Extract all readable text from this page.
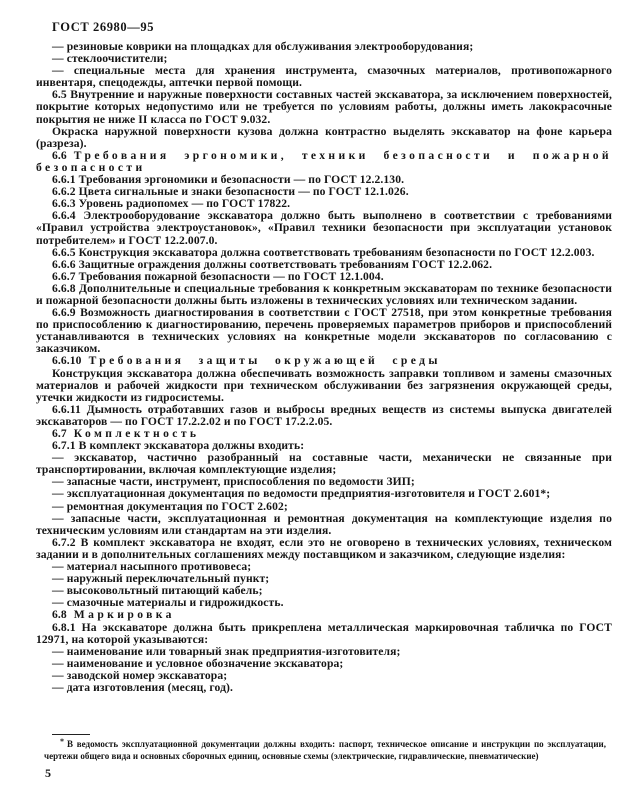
ГОСТ 26980—95

— резиновые коврики на площадках для обслуживания электрооборудования;

— стеклоочистители;

— специальные места для хранения инструмента, смазочных материалов, противопожарного инвентаря, спецодежды, аптечки первой помощи.

6.5 Внутренние и наружные поверхности составных частей экскаватора, за исключением поверхностей, покрытие которых недопустимо или не требуется по условиям работы, должны иметь лакокрасочные покрытия не ниже II класса по ГОСТ 9.032.

Окраска наружной поверхности кузова должна контрастно выделять экскаватор на фоне карьера (разреза).

6.6 Требования эргономики, техники безопасности и пожарной безопасности

6.6.1 Требования эргономики и безопасности — по ГОСТ 12.2.130.

6.6.2 Цвета сигнальные и знаки безопасности — по ГОСТ 12.1.026.

6.6.3 Уровень радиопомех — по ГОСТ 17822.

6.6.4 Электрооборудование экскаватора должно быть выполнено в соответствии с требованиями «Правил устройства электроустановок», «Правил техники безопасности при эксплуатации установок потребителем» и ГОСТ 12.2.007.0.

6.6.5 Конструкция экскаватора должна соответствовать требованиям безопасности по ГОСТ 12.2.003.

6.6.6 Защитные ограждения должны соответствовать требованиям ГОСТ 12.2.062.

6.6.7 Требования пожарной безопасности — по ГОСТ 12.1.004.

6.6.8 Дополнительные и специальные требования к конкретным экскаваторам по технике безопасности и пожарной безопасности должны быть изложены в технических условиях или техническом задании.

6.6.9 Возможность диагностирования в соответствии с ГОСТ 27518, при этом конкретные требования по приспособлению к диагностированию, перечень проверяемых параметров приборов и приспособлений устанавливаются в технических условиях на конкретные модели экскаваторов по согласованию с заказчиком.

6.6.10 Требования защиты окружающей среды

Конструкция экскаватора должна обеспечивать возможность заправки топливом и замены смазочных материалов и рабочей жидкости при техническом обслуживании без загрязнения окружающей среды, утечки жидкости из гидросистемы.

6.6.11 Дымность отработавших газов и выбросы вредных веществ из системы выпуска двигателей экскаваторов — по ГОСТ 17.2.2.02 и по ГОСТ 17.2.2.05.

6.7 Комплектность

6.7.1 В комплект экскаватора должны входить:

— экскаватор, частично разобранный на составные части, механически не связанные при транспортировании, включая комплектующие изделия;

— запасные части, инструмент, приспособления по ведомости ЗИП;

— эксплуатационная документация по ведомости предприятия-изготовителя и ГОСТ 2.601*;

— ремонтная документация по ГОСТ 2.602;

— запасные части, эксплуатационная и ремонтная документация на комплектующие изделия по техническим условиям или стандартам на эти изделия.

6.7.2 В комплект экскаватора не входят, если это не оговорено в технических условиях, техническом задании и в дополнительных соглашениях между поставщиком и заказчиком, следующие изделия:

— материал насыпного противовеса;

— наружный переключательный пункт;

— высоковольтный питающий кабель;

— смазочные материалы и гидрожидкость.

6.8 Маркировка

6.8.1 На экскаваторе должна быть прикреплена металлическая маркировочная табличка по ГОСТ 12971, на которой указываются:

— наименование или товарный знак предприятия-изготовителя;

— наименование и условное обозначение экскаватора;

— заводской номер экскаватора;

— дата изготовления (месяц, год).

* В ведомость эксплуатационной документации должны входить: паспорт, техническое описание и инструкции по эксплуатации, чертежи общего вида и основных сборочных единиц, основные схемы (электрические, гидравлические, пневматические)

5
